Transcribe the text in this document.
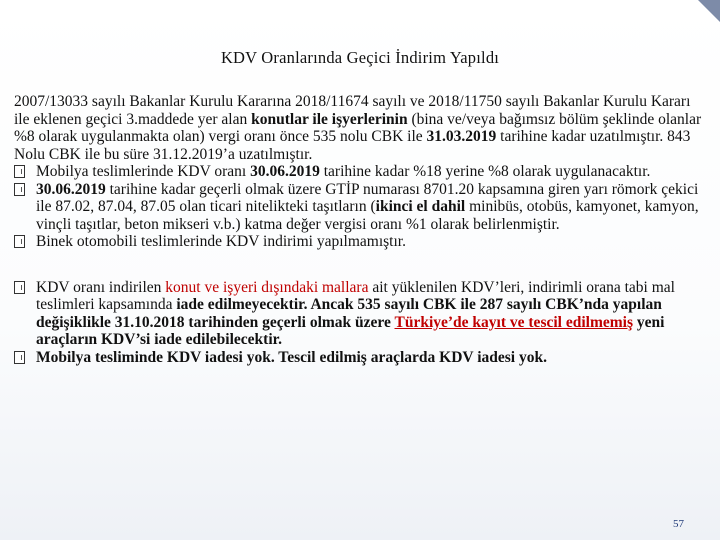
KDV Oranlarında Geçici İndirim Yapıldı

2007/13033 sayılı Bakanlar Kurulu Kararına 2018/11674 sayılı ve 2018/11750 sayılı Bakanlar Kurulu Kararı ile eklenen geçici 3.maddede yer alan konutlar ile işyerlerinin (bina ve/veya bağımsız bölüm şeklinde olanlar %8 olarak uygulanmakta olan) vergi oranı önce 535 nolu CBK ile 31.03.2019 tarihine kadar uzatılmıştır. 843 Nolu CBK ile bu süre 31.12.2019’a uzatılmıştır.

Mobilya teslimlerinde KDV oranı 30.06.2019 tarihine kadar %18 yerine %8 olarak uygulanacaktır.

30.06.2019 tarihine kadar geçerli olmak üzere GTİP numarası 8701.20 kapsamına giren yarı römork çekici ile 87.02, 87.04, 87.05 olan ticari nitelikteki taşıtların (ikinci el dahil minibüs, otobüs, kamyonet, kamyon, vinçli taşıtlar, beton mikseri v.b.) katma değer vergisi oranı %1 olarak belirlenmiştir.

Binek otomobili teslimlerinde KDV indirimi yapılmamıştır.

KDV oranı indirilen konut ve işyeri dışındaki mallara ait yüklenilen KDV’leri, indirimli orana tabi mal teslimleri kapsamında iade edilmeyecektir. Ancak 535 sayılı CBK ile 287 sayılı CBK’nda yapılan değişiklikle 31.10.2018 tarihinden geçerli olmak üzere Türkiye’de kayıt ve tescil edilmemiş yeni araçların KDV’si iade edilebilecektir.

Mobilya tesliminde KDV iadesi yok. Tescil edilmiş araçlarda KDV iadesi yok.

57
